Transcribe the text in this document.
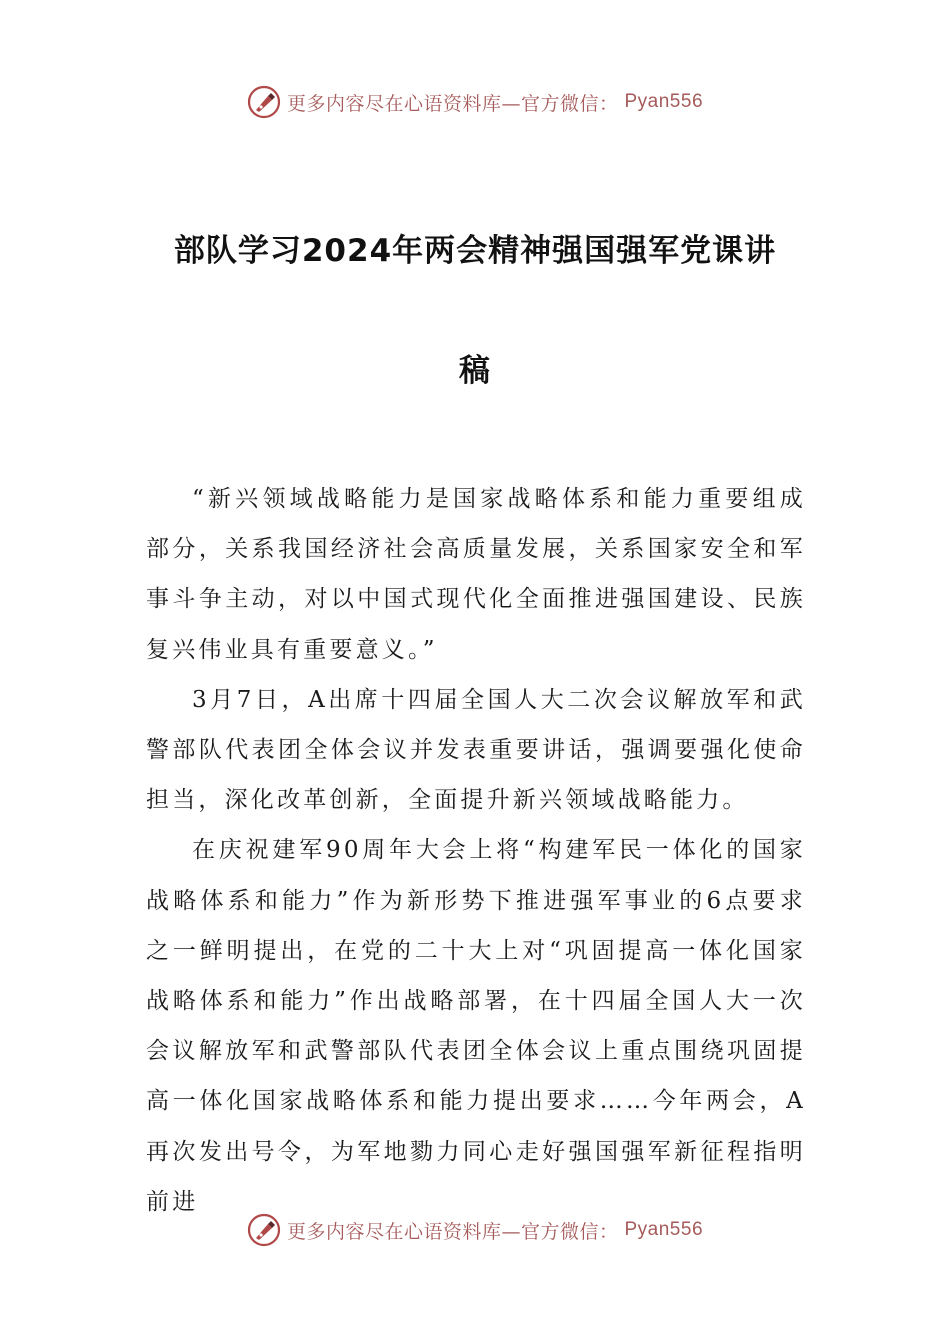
更多内容尽在心语资料库—官方微信： Pyan556
部队学习2024年两会精神强国强军党课讲
稿

“新兴领域战略能力是国家战略体系和能力重要组成部分，关系我国经济社会高质量发展，关系国家安全和军事斗争主动，对以中国式现代化全面推进强国建设、民族复兴伟业具有重要意义。”

3月7日，A出席十四届全国人大二次会议解放军和武警部队代表团全体会议并发表重要讲话，强调要强化使命担当，深化改革创新，全面提升新兴领域战略能力。

在庆祝建军90周年大会上将“构建军民一体化的国家战略体系和能力”作为新形势下推进强军事业的6点要求之一鲜明提出，在党的二十大上对“巩固提高一体化国家战略体系和能力”作出战略部署，在十四届全国人大一次会议解放军和武警部队代表团全体会议上重点围绕巩固提高一体化国家战略体系和能力提出要求……今年两会，A再次发出号令，为军地勠力同心走好强国强军新征程指明前进

更多内容尽在心语资料库—官方微信： Pyan556
